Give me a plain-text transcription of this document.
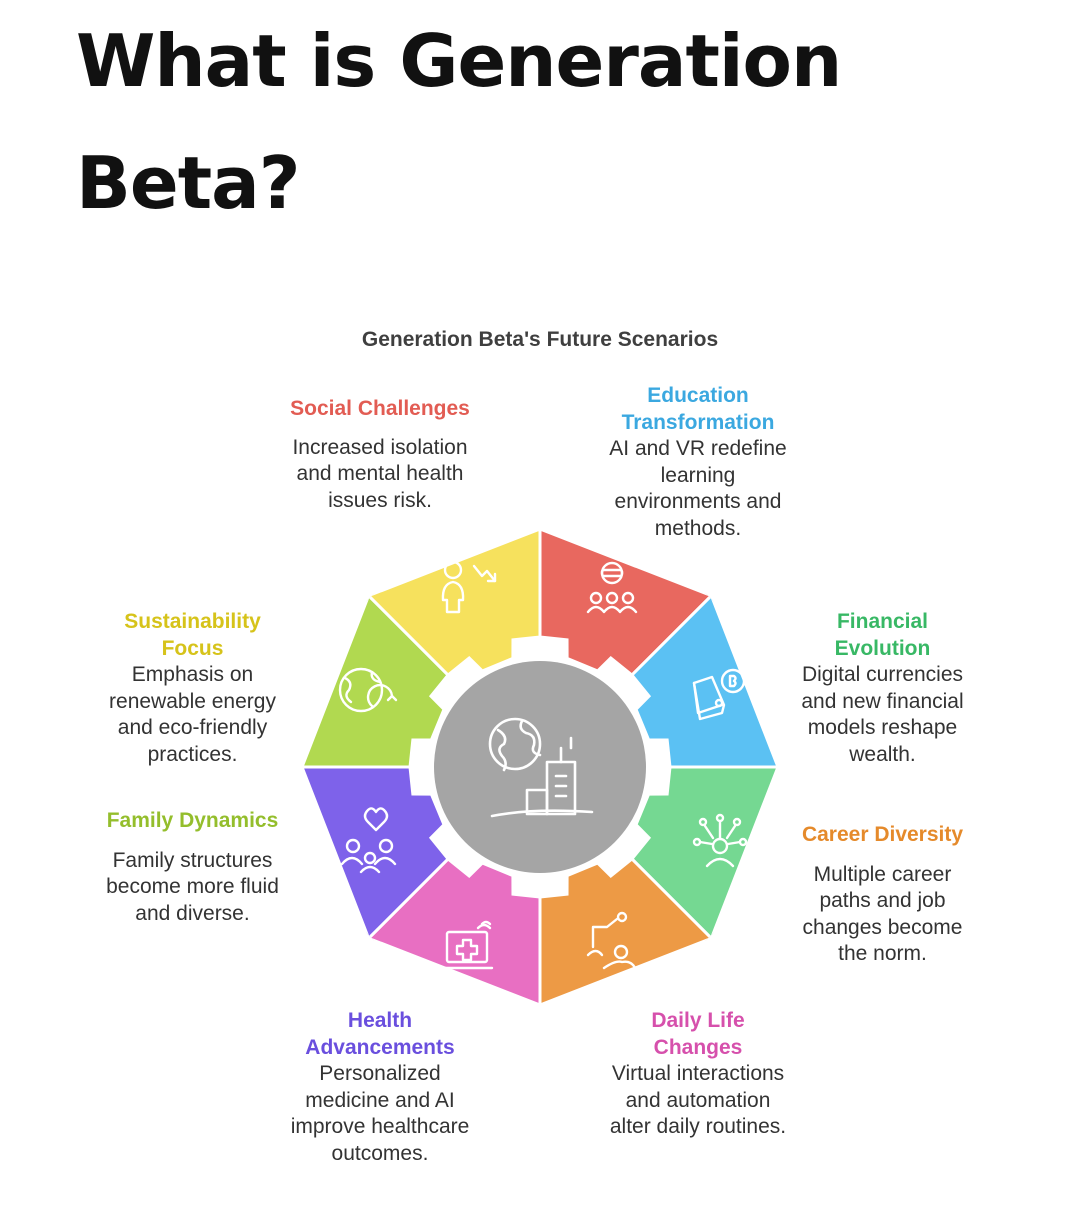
What is Generation Beta?
Generation Beta's Future Scenarios
Social Challenges
Increased isolation and mental health issues risk.
Education Transformation
AI and VR redefine learning environments and methods.
Financial Evolution
Digital currencies and new financial models reshape wealth.
Career Diversity
Multiple career paths and job changes become the norm.
Daily Life Changes
Virtual interactions and automation alter daily routines.
Health Advancements
Personalized medicine and AI improve healthcare outcomes.
Family Dynamics
Family structures become more fluid and diverse.
Sustainability Focus
Emphasis on renewable energy and eco-friendly practices.
